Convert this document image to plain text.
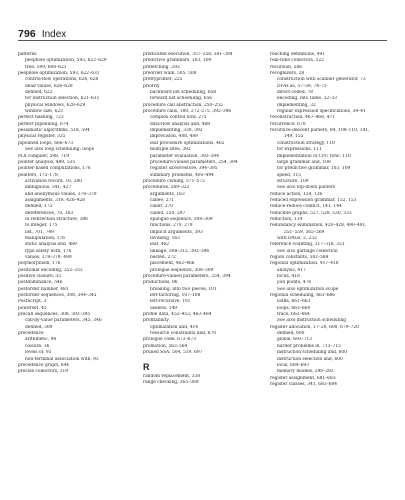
796 Index
patterns
peephole optimization, 593, 622–629
tree, 599, 608–621
peephole optimization, 593, 622–631
control-flow operations, 626, 628
dead values, 626–628
defined, 622
for instruction selection, 621–631
physical windows, 628–629
window size, 623
perfect hashing, 723
perfect pipelining, 674
pessimistic algorithms, 518, 594
physical register, 335
pipelined loops, 666–673
See also loop scheduling: loops
PL8 compiler, 598, 719
pointer analysis, 489, 535
pointer-based computations, 176
pointers, 175–178
activation record, 16, 280
ambiguous, 341, 427
and anonymous values, 378–379
assignments, 318, 426–428
defined, 175
dereferences, 70, 163
in redirection structure, 386
to integer, 175
list, 701, 749
manipulation, 176
static analysis and, 489
type safety with, 176
values, 378–379, 489
polymorphism, 176
positional encoding, 352–353
positive closure, 35
postdominance, 546
postorder number, 481
postorder sequences, 308, 344–345
PostScript, 3
powerset, 45
precall sequences, 308, 393–395
call-by-value parameters, 345, 346
defined, 309
precedence
arithmetic, 94
closure, 36
levels of, 93
non-terminal association with, 93
precedence graph, 644
precise collectors, 319
predicated execution, 357–358, 381–384
predictive grammars, 103, 109
prefetching, 292
preorder walk, 505, 508
prettyprinter, 225
priority
backward list scheduling, 658
forward list scheduling, 656
procedure call abstraction, 250–255
procedure calls, 180, 272–275, 392–396
complex control flow, 275
data-flow analysis and, 488
implementing, 330, 392
imprecision, 488, 489
leaf procedure optimizations, 462
multiple sites, 392
parameter evaluation, 393–394
procedure-valued parameters, 254, 394
register save/restore, 394–395
summary problems, 493–494
procedure cloning, 571–572
procedures, 269–323
arguments, 163
callee, 271
caller, 270
called, 250, 297
epilogue sequence, 308–309
functions, 270, 279
implicit arguments, 393
invoking, 163
leaf, 462
linkage, 308–312, 392–396
nested, 272
placement, 462–466
prologue sequence, 308–309
procedure-valued parameters, 254, 394
productions, 86
breaking, into two pieces, 101
left-factoring, 107–108
left-recursive, 101
useless, 149
profile data, 452–453, 463–464
profitability
optimization and, 414
resource constraints and, 670
prologue code, 672–673
promotion, 563–564
pruned SSA, 504, 519, 697
R
random replacement, 338
range checking, 365–369
reaching definitions, 491
real-time collectors, 322
recursion, 286
recognizers, 28
construction with scanner generator, 73
DFAs as, 57–59, 74–75
direct-coded, 78
encoding, into table, 32–33
implementing, 32
regular expression specifications, 34–41
reconstruction, 467–468, 471
recurrence, 670
recursive-descent parsers, 84, 108–110, 141,
149, 155
construction strategy, 110
for expressions, 111
implementation of CPU time, 110
large grammar and, 108
for predictive grammar, 103, 109
speed, 115
structure, 109
See also top-down parsers
reduce action, 124, 136
reduced expression grammar, 152, 153
reduce-reduce conflict, 141, 144
reducible graphs, 527, 528, 530, 533
reduction, 114
redundancy elimination, 420–428, 490–491,
551–559, 565–569
with DAGs, 2, 232
reference counting, 317–318, 321
See also garbage collection
region constants, 582–584
regional optimization, 417–418
analysis, 417
focus, 418
join points, 476
See also optimization scope
regional scheduling, 661–666
EBBs, 661–663
loops, 663–664
trace, 663–664
See also instruction scheduling
register allocation, 17–20, 600, 679–720
defined, 600
global, 693–713
harder problems in, 713–715
instruction scheduling and, 600
instruction selection and, 600
local, 684–693
memory models, 290–292
register assignment, 681–683
register classes, 341, 683–684
